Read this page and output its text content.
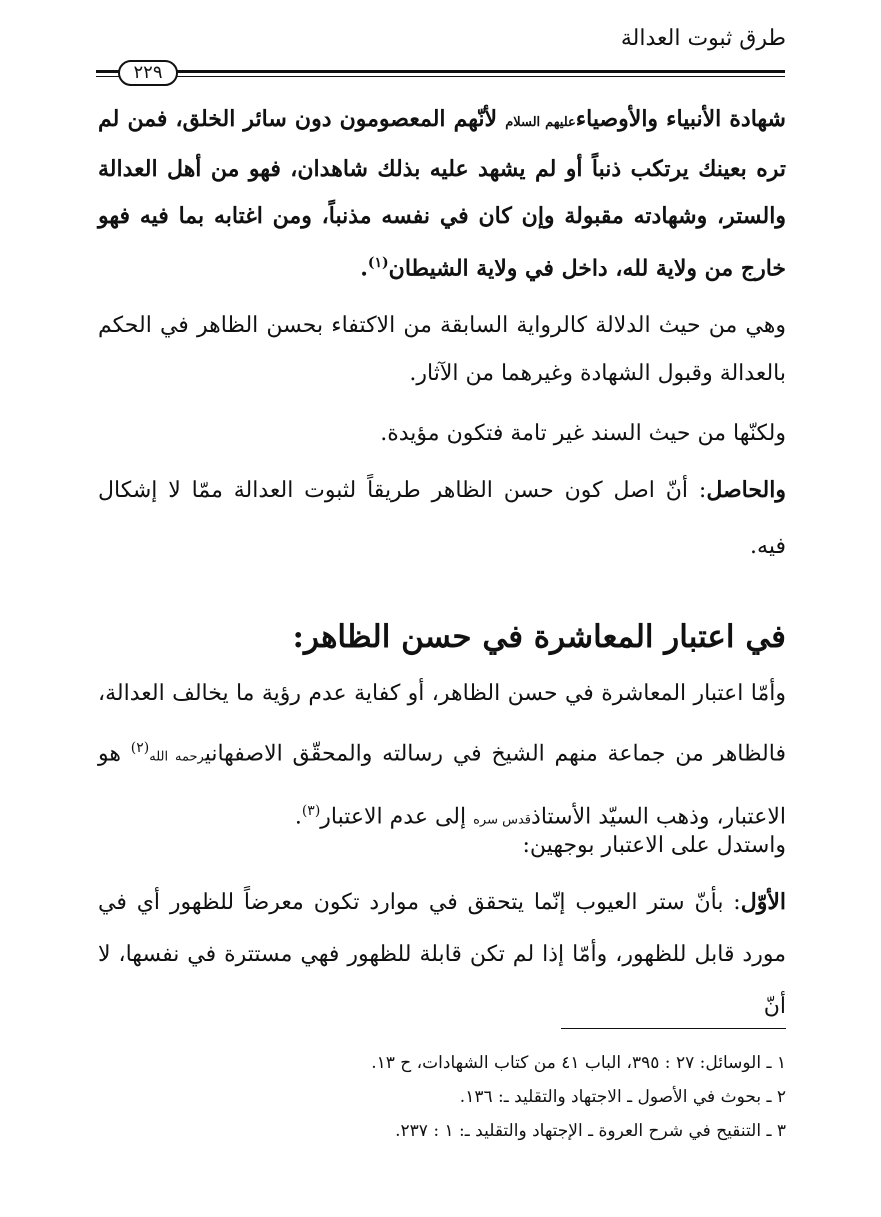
طرق ثبوت العدالة
٢٢٩
شهادة الأنبياء والأوصياءعليهم السلام لأنّهم المعصومون دون سائر الخلق، فمن لم تره بعينك يرتكب ذنباً أو لم يشهد عليه بذلك شاهدان، فهو من أهل العدالة والستر، وشهادته مقبولة وإن كان في نفسه مذنباً، ومن اغتابه بما فيه فهو خارج من ولاية لله، داخل في ولاية الشيطان$^{(١)}$.
وهي من حيث الدلالة كالرواية السابقة من الاكتفاء بحسن الظاهر في الحكم بالعدالة وقبول الشهادة وغيرهما من الآثار.
ولكنّها من حيث السند غير تامة فتكون مؤيدة.
والحاصل: أنّ اصل كون حسن الظاهر طريقاً لثبوت العدالة ممّا لا إشكال فيه.
في اعتبار المعاشرة في حسن الظاهر:
وأمّا اعتبار المعاشرة في حسن الظاهر، أو كفاية عدم رؤية ما يخالف العدالة، فالظاهر من جماعة منهم الشيخ في رسالته والمحقّق الاصفهانيرحمه الله$^{(٢)}$ هو الاعتبار، وذهب السيّد الأستاذقدس سره إلى عدم الاعتبار$^{(٣)}$.
واستدل على الاعتبار بوجهين:
الأوّل: بأنّ ستر العيوب إنّما يتحقق في موارد تكون معرضاً للظهور أي في مورد قابل للظهور، وأمّا إذا لم تكن قابلة للظهور فهي مستترة في نفسها، لا أنّ
١ ـ الوسائل: ٢٧ : ٣٩٥، الباب ٤١ من كتاب الشهادات، ح ١٣.
٢ ـ بحوث في الأصول ـ الاجتهاد والتقليد ـ: ١٣٦.
٣ ـ التنقيح في شرح العروة ـ الإجتهاد والتقليد ـ: ١ : ٢٣٧.
